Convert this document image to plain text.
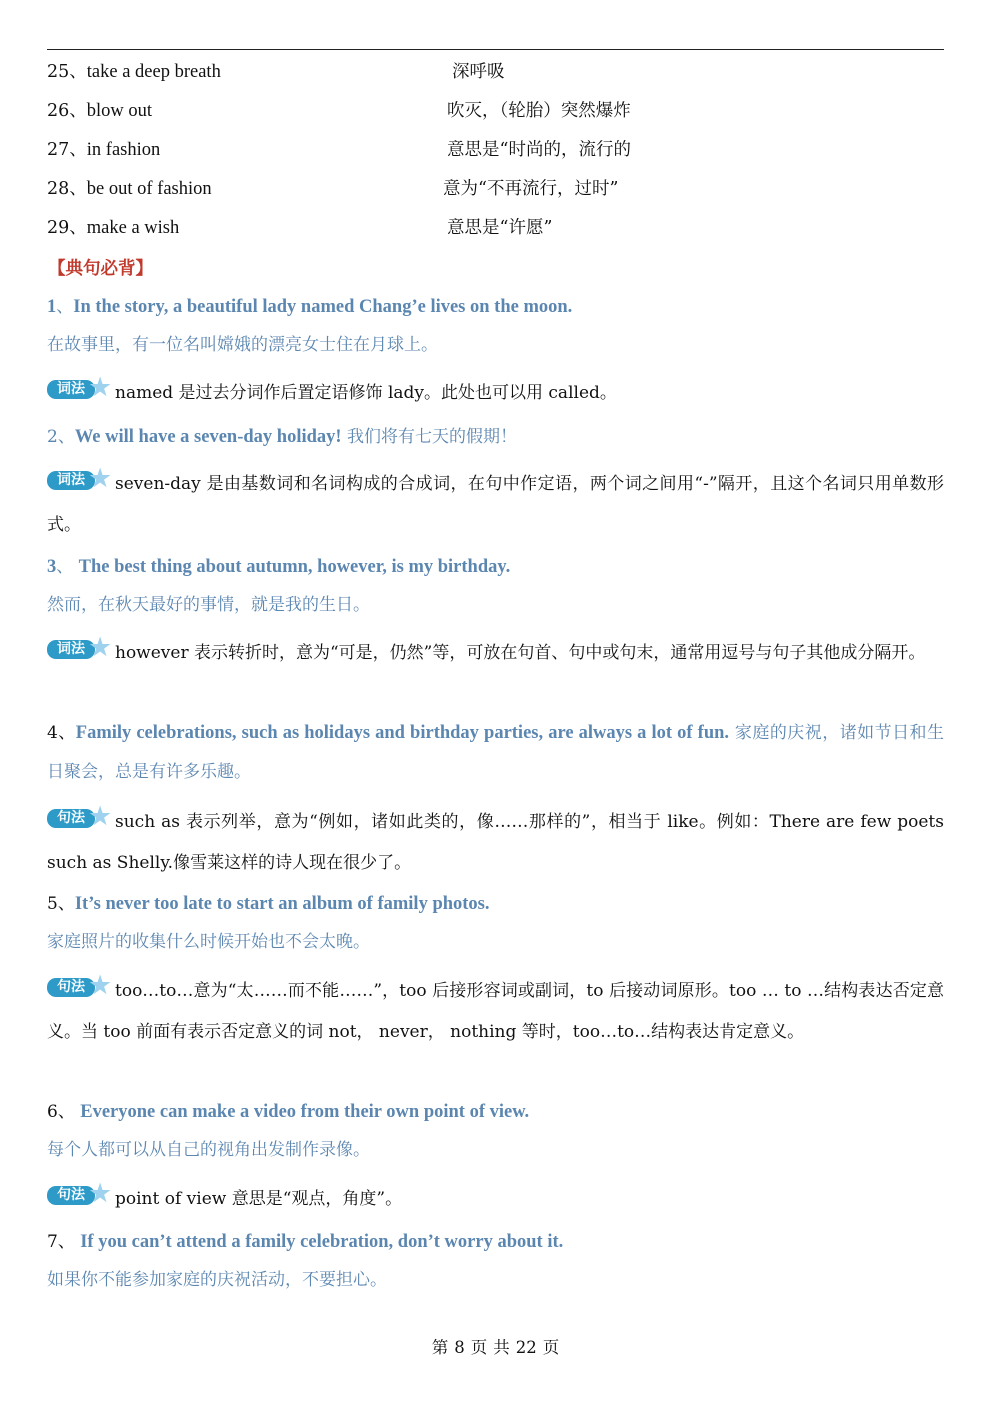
25、take a deep breath	深呼吸
26、blow out	吹灭，（轮胎）突然爆炸
27、in fashion	意思是“时尚的，流行的
28、be out of fashion	意为“不再流行，过时”
29、make a wish	意思是“许愿”
【典句必背】
1、In the story, a beautiful lady named Chang’e lives on the moon.
在故事里，有一位名叫嫦娥的漂亮女士住在月球上。
词法 ★ named 是过去分词作后置定语修饰 lady。此处也可以用 called。
2、We will have a seven-day holiday! 我们将有七天的假期！
词法 ★ seven-day 是由基数词和名词构成的合成词，在句中作定语，两个词之间用“-”隔开，且这个名词只用单数形式。
3、 The best thing about autumn, however, is my birthday.
然而，在秋天最好的事情，就是我的生日。
词法 ★ however 表示转折时，意为“可是，仍然”等，可放在句首、句中或句末，通常用逗号与句子其他成分隔开。
4、Family celebrations, such as holidays and birthday parties, are always a lot of fun. 家庭的庆祝，诸如节日和生日聚会，总是有许多乐趣。
句法 ★ such as 表示列举，意为“例如，诸如此类的，像……那样的”，相当于 like。例如：There are few poets such as Shelly.像雪莱这样的诗人现在很少了。
5、It’s never too late to start an album of family photos.
家庭照片的收集什么时候开始也不会太晚。
句法 ★ too…to…意为“太……而不能……”，too 后接形容词或副词，to 后接动词原形。too … to …结构表达否定意义。当 too 前面有表示否定意义的词 not， never， nothing 等时，too…to…结构表达肯定意义。
6、 Everyone can make a video from their own point of view.
每个人都可以从自己的视角出发制作录像。
句法 ★ point of view 意思是“观点，角度”。
7、 If you can’t attend a family celebration, don’t worry about it.
如果你不能参加家庭的庆祝活动，不要担心。
第 8 页 共 22 页
